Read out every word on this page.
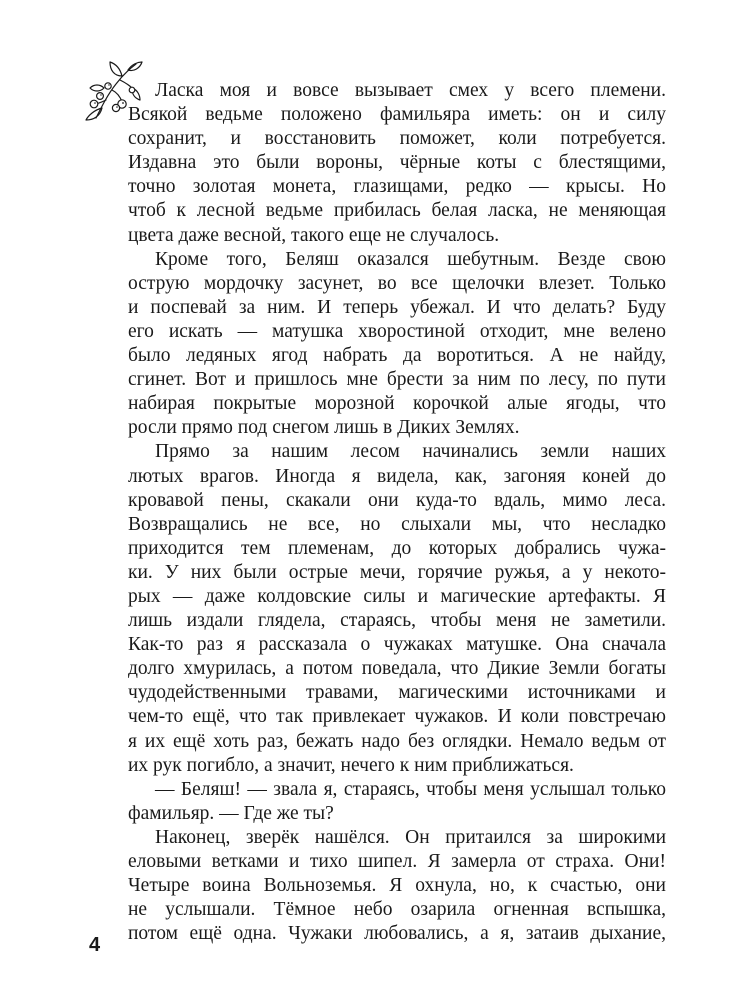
Ласка моя и вовсе вызывает смех у всего племени.
Всякой ведьме положено фамильяра иметь: он и силу
сохранит, и восстановить поможет, коли потребуется.
Издавна это были вороны, чёрные коты с блестящими,
точно золотая монета, глазищами, редко — крысы. Но
чтоб к лесной ведьме прибилась белая ласка, не меняющая
цвета даже весной, такого еще не случалось.
Кроме того, Беляш оказался шебутным. Везде свою
острую мордочку засунет, во все щелочки влезет. Только
и поспевай за ним. И теперь убежал. И что делать? Буду
его искать — матушка хворостиной отходит, мне велено
было ледяных ягод набрать да воротиться. А не найду,
сгинет. Вот и пришлось мне брести за ним по лесу, по пути
набирая покрытые морозной корочкой алые ягоды, что
росли прямо под снегом лишь в Диких Землях.
Прямо за нашим лесом начинались земли наших
лютых врагов. Иногда я видела, как, загоняя коней до
кровавой пены, скакали они куда-то вдаль, мимо леса.
Возвращались не все, но слыхали мы, что несладко
приходится тем племенам, до которых добрались чужа-
ки. У них были острые мечи, горячие ружья, а у некото-
рых — даже колдовские силы и магические артефакты. Я
лишь издали глядела, стараясь, чтобы меня не заметили.
Как-то раз я рассказала о чужаках матушке. Она сначала
долго хмурилась, а потом поведала, что Дикие Земли богаты
чудодейственными травами, магическими источниками и
чем-то ещё, что так привлекает чужаков. И коли повстречаю
я их ещё хоть раз, бежать надо без оглядки. Немало ведьм от
их рук погибло, а значит, нечего к ним приближаться.
— Беляш! — звала я, стараясь, чтобы меня услышал только
фамильяр. — Где же ты?
Наконец, зверёк нашёлся. Он притаился за широкими
еловыми ветками и тихо шипел. Я замерла от страха. Они!
Четыре воина Вольноземья. Я охнула, но, к счастью, они
не услышали. Тёмное небо озарила огненная вспышка,
потом ещё одна. Чужаки любовались, а я, затаив дыхание,
4
